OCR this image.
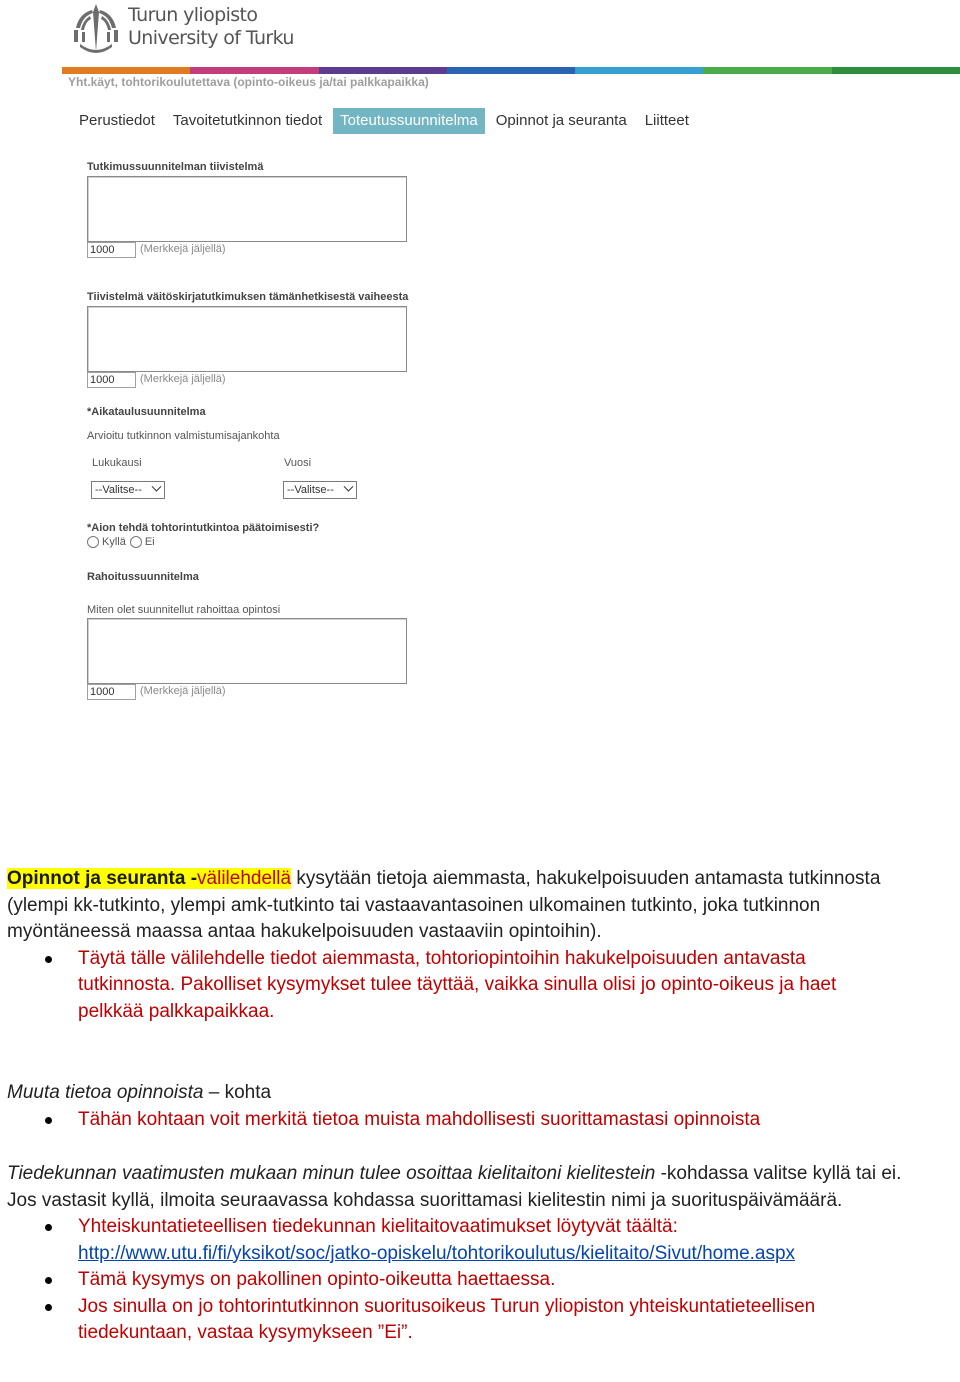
Turun yliopisto
University of Turku
Yht.käyt, tohtorikoulutettava (opinto-oikeus ja/tai palkkapaikka)
Perustiedot	Tavoitetutkinnon tiedot	Toteutussuunnitelma	Opinnot ja seuranta	Liitteet
Tutkimussuunnitelman tiivistelmä
1000	(Merkkejä jäljellä)
Tiivistelmä väitöskirjatutkimuksen tämänhetkisestä vaiheesta
1000	(Merkkejä jäljellä)
*Aikataulusuunnitelma
Arvioitu tutkinnon valmistumisajankohta
Lukukausi
--Valitse--
Vuosi
--Valitse--
*Aion tehdä tohtorintutkintoa päätoimisesti?
Kyllä Ei
Rahoitussuunnitelma
Miten olet suunnitellut rahoittaa opintosi
1000	(Merkkejä jäljellä)

Opinnot ja seuranta -välilehdellä kysytään tietoja aiemmasta, hakukelpoisuuden antamasta tutkinnosta (ylempi kk-tutkinto, ylempi amk-tutkinto tai vastaavantasoinen ulkomainen tutkinto, joka tutkinnon myöntäneessä maassa antaa hakukelpoisuuden vastaaviin opintoihin).

Täytä tälle välilehdelle tiedot aiemmasta, tohtoriopintoihin hakukelpoisuuden antavasta tutkinnosta. Pakolliset kysymykset tulee täyttää, vaikka sinulla olisi jo opinto-oikeus ja haet pelkkää palkkapaikkaa.

Muuta tietoa opinnoista – kohta

Tähän kohtaan voit merkitä tietoa muista mahdollisesti suorittamastasi opinnoista

Tiedekunnan vaatimusten mukaan minun tulee osoittaa kielitaitoni kielitestein -kohdassa valitse kyllä tai ei. Jos vastasit kyllä, ilmoita seuraavassa kohdassa suorittamasi kielitestin nimi ja suorituspäivämäärä.

Yhteiskuntatieteellisen tiedekunnan kielitaitovaatimukset löytyvät täältä:
http://www.utu.fi/fi/yksikot/soc/jatko-opiskelu/tohtorikoulutus/kielitaito/Sivut/home.aspx
Tämä kysymys on pakollinen opinto-oikeutta haettaessa.
Jos sinulla on jo tohtorintutkinnon suoritusoikeus Turun yliopiston yhteiskuntatieteellisen tiedekuntaan, vastaa kysymykseen ”Ei”.
